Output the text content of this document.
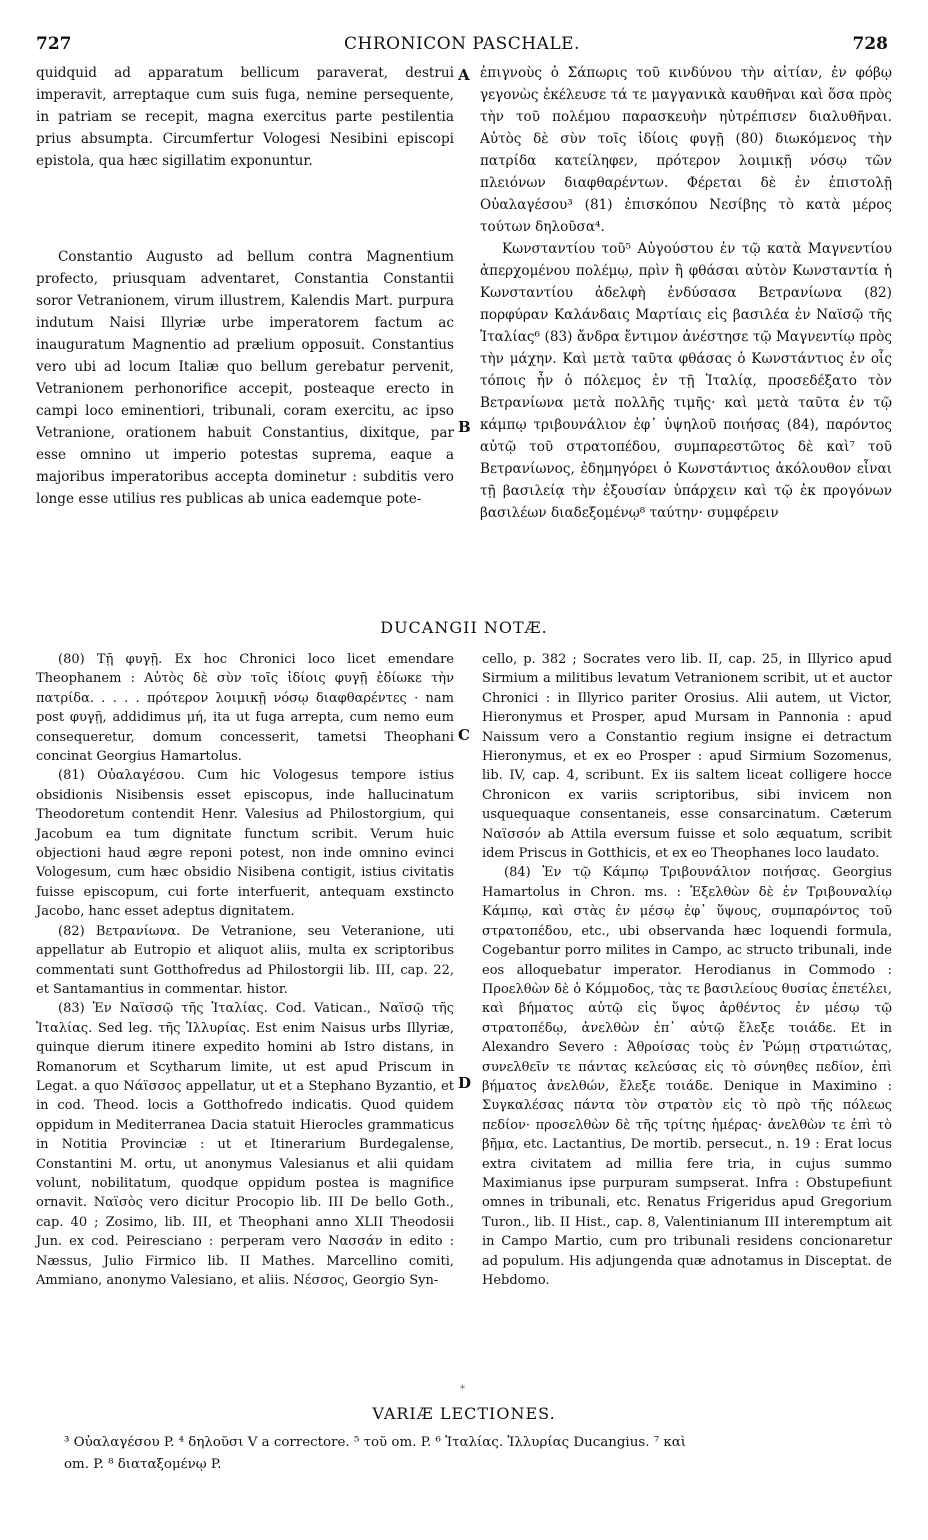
727	CHRONICON PASCHALE.	728
A
B
C
D

quidquid ad apparatum bellicum paraverat, destrui imperavit, arreptaque cum suis fuga, nemine persequente, in patriam se recepit, magna exercitus parte pestilentia prius absumpta. Circumfertur Vologesi Nesibini episcopi epistola, qua hæc sigillatim exponuntur.

Constantio Augusto ad bellum contra Magnentium profecto, priusquam adventaret, Constantia Constantii soror Vetranionem, virum illustrem, Kalendis Mart. purpura indutum Naisi Illyriæ urbe imperatorem factum ac inauguratum Magnentio ad prælium opposuit. Constantius vero ubi ad locum Italiæ quo bellum gerebatur pervenit, Vetranionem perhonorifice accepit, posteaque erecto in campi loco eminentiori, tribunali, coram exercitu, ac ipso Vetranione, orationem habuit Constantius, dixitque, par esse omnino ut imperio potestas suprema, eaque a majoribus imperatoribus accepta dominetur : subditis vero longe esse utilius res publicas ab unica eademque pote-

ἐπιγνοὺς ὁ Σάπωρις τοῦ κινδύνου τὴν αἰτίαν, ἐν φόβῳ γεγονὼς ἐκέλευσε τά τε μαγγανικὰ καυθῆναι καὶ ὅσα πρὸς τὴν τοῦ πολέμου παρασκευὴν ηὐτρέπισεν διαλυθῆναι. Αὐτὸς δὲ σὺν τοῖς ἰδίοις φυγῇ (80) διωκόμενος τὴν πατρίδα κατείληφεν, πρότερον λοιμικῇ νόσῳ τῶν πλειόνων διαφθαρέντων. Φέρεται δὲ ἐν ἐπιστολῇ Οὐαλαγέσου³ (81) ἐπισκόπου Νεσίβης τὸ κατὰ μέρος τούτων δηλοῦσα⁴.

Κωνσταντίου τοῦ⁵ Αὐγούστου ἐν τῷ κατὰ Μαγνεντίου ἀπερχομένου πολέμῳ, πρὶν ἢ φθάσαι αὐτὸν Κωνσταντία ἡ Κωνσταντίου ἀδελφὴ ἐνδύσασα Βετρανίωνα (82) πορφύραν Καλάνδαις Μαρτίαις εἰς βασιλέα ἐν Ναϊσῷ τῆς Ἰταλίας⁶ (83) ἄνδρα ἔντιμον ἀνέστησε τῷ Μαγνεντίῳ πρὸς τὴν μάχην. Καὶ μετὰ ταῦτα φθάσας ὁ Κωνστάντιος ἐν οἷς τόποις ἦν ὁ πόλεμος ἐν τῇ Ἰταλίᾳ, προσεδέξατο τὸν Βετρανίωνα μετὰ πολλῆς τιμῆς· καὶ μετὰ ταῦτα ἐν τῷ κάμπῳ τριβουνάλιον ἐφ᾽ ὑψηλοῦ ποιήσας (84), παρόντος αὐτῷ τοῦ στρατοπέδου, συμπαρεστῶτος δὲ καὶ⁷ τοῦ Βετρανίωνος, ἐδημηγόρει ὁ Κωνστάντιος ἀκόλουθον εἶναι τῇ βασιλείᾳ τὴν ἐξουσίαν ὑπάρχειν καὶ τῷ ἐκ προγόνων βασιλέων διαδεξομένῳ⁸ ταύτην· συμφέρειν

DUCANGII NOTÆ.

(80) Τῇ φυγῇ. Ex hoc Chronici loco licet emendare Theophanem : Αὐτὸς δὲ σὺν τοῖς ἰδίοις φυγῇ ἐδίωκε τὴν πατρίδα. . . . . πρότερον λοιμικῇ νόσῳ διαφθαρέντες · nam post φυγῇ, addidimus μή, ita ut fuga arrepta, cum nemo eum consequeretur, domum concesserit, tametsi Theophani concinat Georgius Hamartolus.

(81) Οὐαλαγέσου. Cum hic Vologesus tempore istius obsidionis Nisibensis esset episcopus, inde hallucinatum Theodoretum contendit Henr. Valesius ad Philostorgium, qui Jacobum ea tum dignitate functum scribit. Verum huic objectioni haud ægre reponi potest, non inde omnino evinci Vologesum, cum hæc obsidio Nisibena contigit, istius civitatis fuisse episcopum, cui forte interfuerit, antequam exstincto Jacobo, hanc esset adeptus dignitatem.

(82) Βετρανίωνα. De Vetranione, seu Veteranione, uti appellatur ab Eutropio et aliquot aliis, multa ex scriptoribus commentati sunt Gotthofredus ad Philostorgii lib. III, cap. 22, et Santamantius in commentar. histor.

(83) Ἐν Ναϊσσῷ τῆς Ἰταλίας. Cod. Vatican., Ναϊσῷ τῆς Ἰταλίας. Sed leg. τῆς Ἰλλυρίας. Est enim Naisus urbs Illyriæ, quinque dierum itinere expedito homini ab Istro distans, in Romanorum et Scytharum limite, ut est apud Priscum in Legat. a quo Νάϊσσος appellatur, ut et a Stephano Byzantio, et in cod. Theod. locis a Gotthofredo indicatis. Quod quidem oppidum in Mediterranea Dacia statuit Hierocles grammaticus in Notitia Provinciæ : ut et Itinerarium Burdegalense, Constantini M. ortu, ut anonymus Valesianus et alii quidam volunt, nobilitatum, quodque oppidum postea is magnifice ornavit. Ναϊσὸς vero dicitur Procopio lib. III De bello Goth., cap. 40 ; Zosimo, lib. III, et Theophani anno XLII Theodosii Jun. ex cod. Peiresciano : perperam vero Νασσάν in edito : Næssus, Julio Firmico lib. II Mathes. Marcellino comiti, Ammiano, anonymo Valesiano, et aliis. Νέσσος, Georgio Syn-

cello, p. 382 ; Socrates vero lib. II, cap. 25, in Illyrico apud Sirmium a militibus levatum Vetranionem scribit, ut et auctor Chronici : in Illyrico pariter Orosius. Alii autem, ut Victor, Hieronymus et Prosper, apud Mursam in Pannonia : apud Naissum vero a Constantio regium insigne ei detractum Hieronymus, et ex eo Prosper : apud Sirmium Sozomenus, lib. IV, cap. 4, scribunt. Ex iis saltem liceat colligere hocce Chronicon ex variis scriptoribus, sibi invicem non usquequaque consentaneis, esse consarcinatum. Cæterum Ναϊσσόν ab Attila eversum fuisse et solo æquatum, scribit idem Priscus in Gotthicis, et ex eo Theophanes loco laudato.

(84) Ἐν τῷ Κάμπῳ Τριβουνάλιον ποιήσας. Georgius Hamartolus in Chron. ms. : Ἐξελθὼν δὲ ἐν Τριβουναλίῳ Κάμπῳ, καὶ στὰς ἐν μέσῳ ἐφ᾽ ὕψους, συμπαρόντος τοῦ στρατοπέδου, etc., ubi observanda hæc loquendi formula, Cogebantur porro milites in Campo, ac structo tribunali, inde eos alloquebatur imperator. Herodianus in Commodo : Προελθὼν δὲ ὁ Κόμμοδος, τὰς τε βασιλείους θυσίας ἐπετέλει, καὶ βήματος αὐτῷ εἰς ὕψος ἀρθέντος ἐν μέσῳ τῷ στρατοπέδῳ, ἀνελθὼν ἐπ᾽ αὐτῷ ἔλεξε τοιάδε. Et in Alexandro Severo : Ἀθροίσας τοὺς ἐν Ῥώμῃ στρατιώτας, συνελθεῖν τε πάντας κελεύσας εἰς τὸ σύνηθες πεδίον, ἐπὶ βήματος ἀνελθών, ἔλεξε τοιάδε. Denique in Maximino : Συγκαλέσας πάντα τὸν στρατὸν εἰς τὸ πρὸ τῆς πόλεως πεδίον· προσελθὼν δὲ τῆς τρίτης ἡμέρας· ἀνελθὼν τε ἐπὶ τὸ βῆμα, etc. Lactantius, De mortib. persecut., n. 19 : Erat locus extra civitatem ad millia fere tria, in cujus summo Maximianus ipse purpuram sumpserat. Infra : Obstupefiunt omnes in tribunali, etc. Renatus Frigeridus apud Gregorium Turon., lib. II Hist., cap. 8, Valentinianum III interemptum ait in Campo Martio, cum pro tribunali residens concionaretur ad populum. His adjungenda quæ adnotamus in Disceptat. de Hebdomo.

*
VARIÆ LECTIONES.

³ Οὐαλαγέσου P. ⁴ δηλοῦσι V a correctore. ⁵ τοῦ om. P. ⁶ Ἰταλίας. Ἰλλυρίας Ducangius. ⁷ καὶ

om. P. ⁸ διαταξομένῳ P.
